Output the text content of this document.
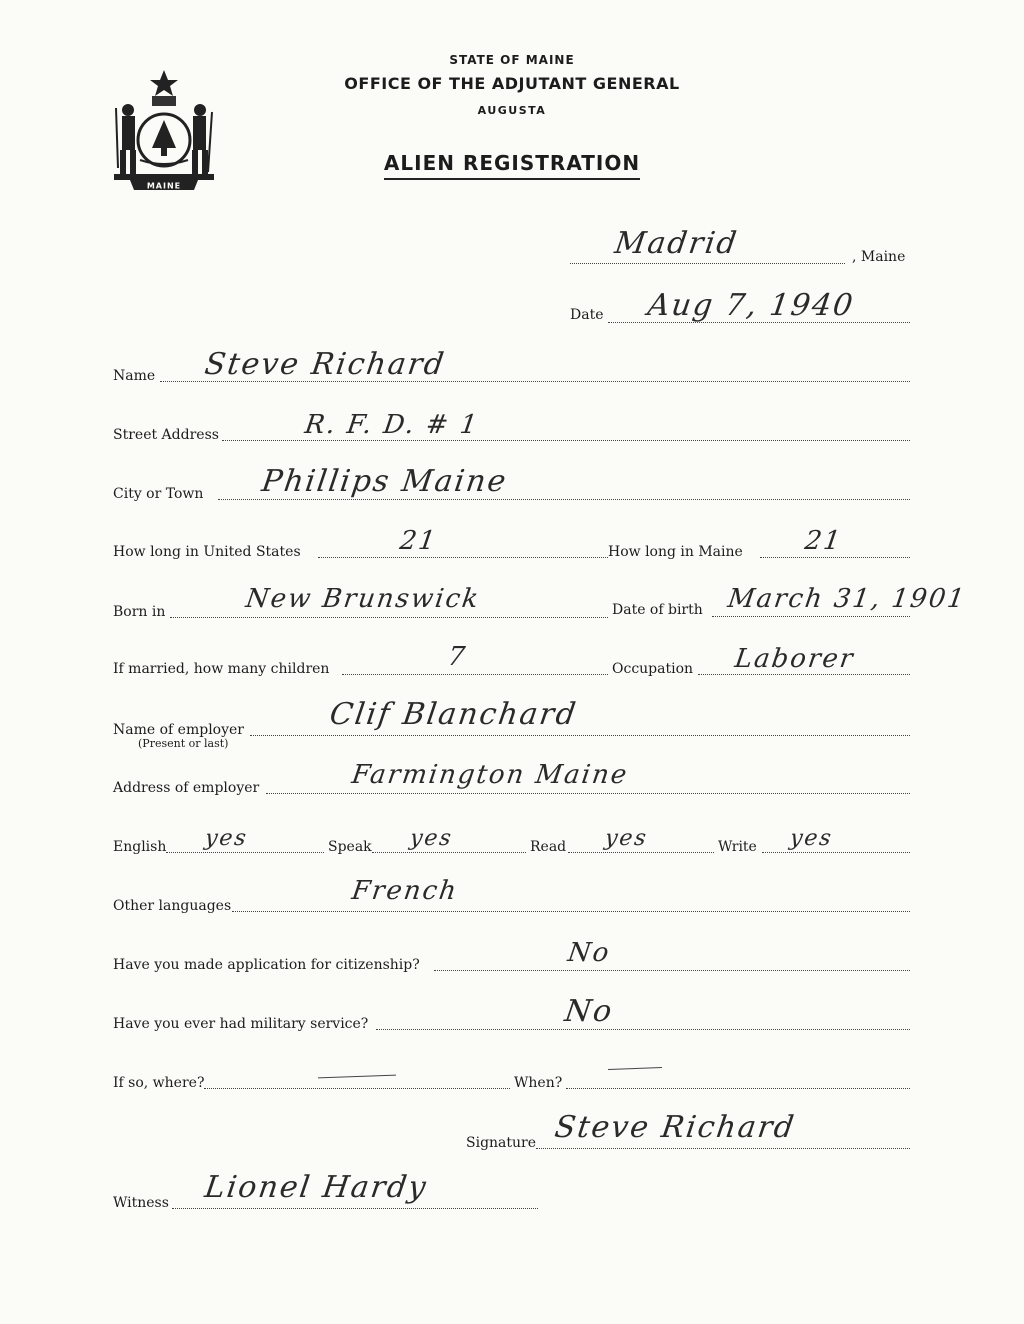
MAINE
STATE OF MAINE
OFFICE OF THE ADJUTANT GENERAL
AUGUSTA
ALIEN REGISTRATION
Madrid	, Maine
Date Aug 7, 1940
Name Steve Richard
Street Address	R. F. D. # 1
City or Town Phillips Maine
How long in United States	21	How long in Maine 21
Born in	New Brunswick	Date of birth March 31, 1901
If married, how many children	7	Occupation Laborer
Name of employer
(Present or last)
Clif Blanchard
Address of employer	Farmington Maine
English yes	Speak yes	Read yes	Write yes
Other languages	French
Have you made application for citizenship?	No
Have you ever had military service?	No
If so, where?	When?
Signature Steve Richard
Witness Lionel Hardy
